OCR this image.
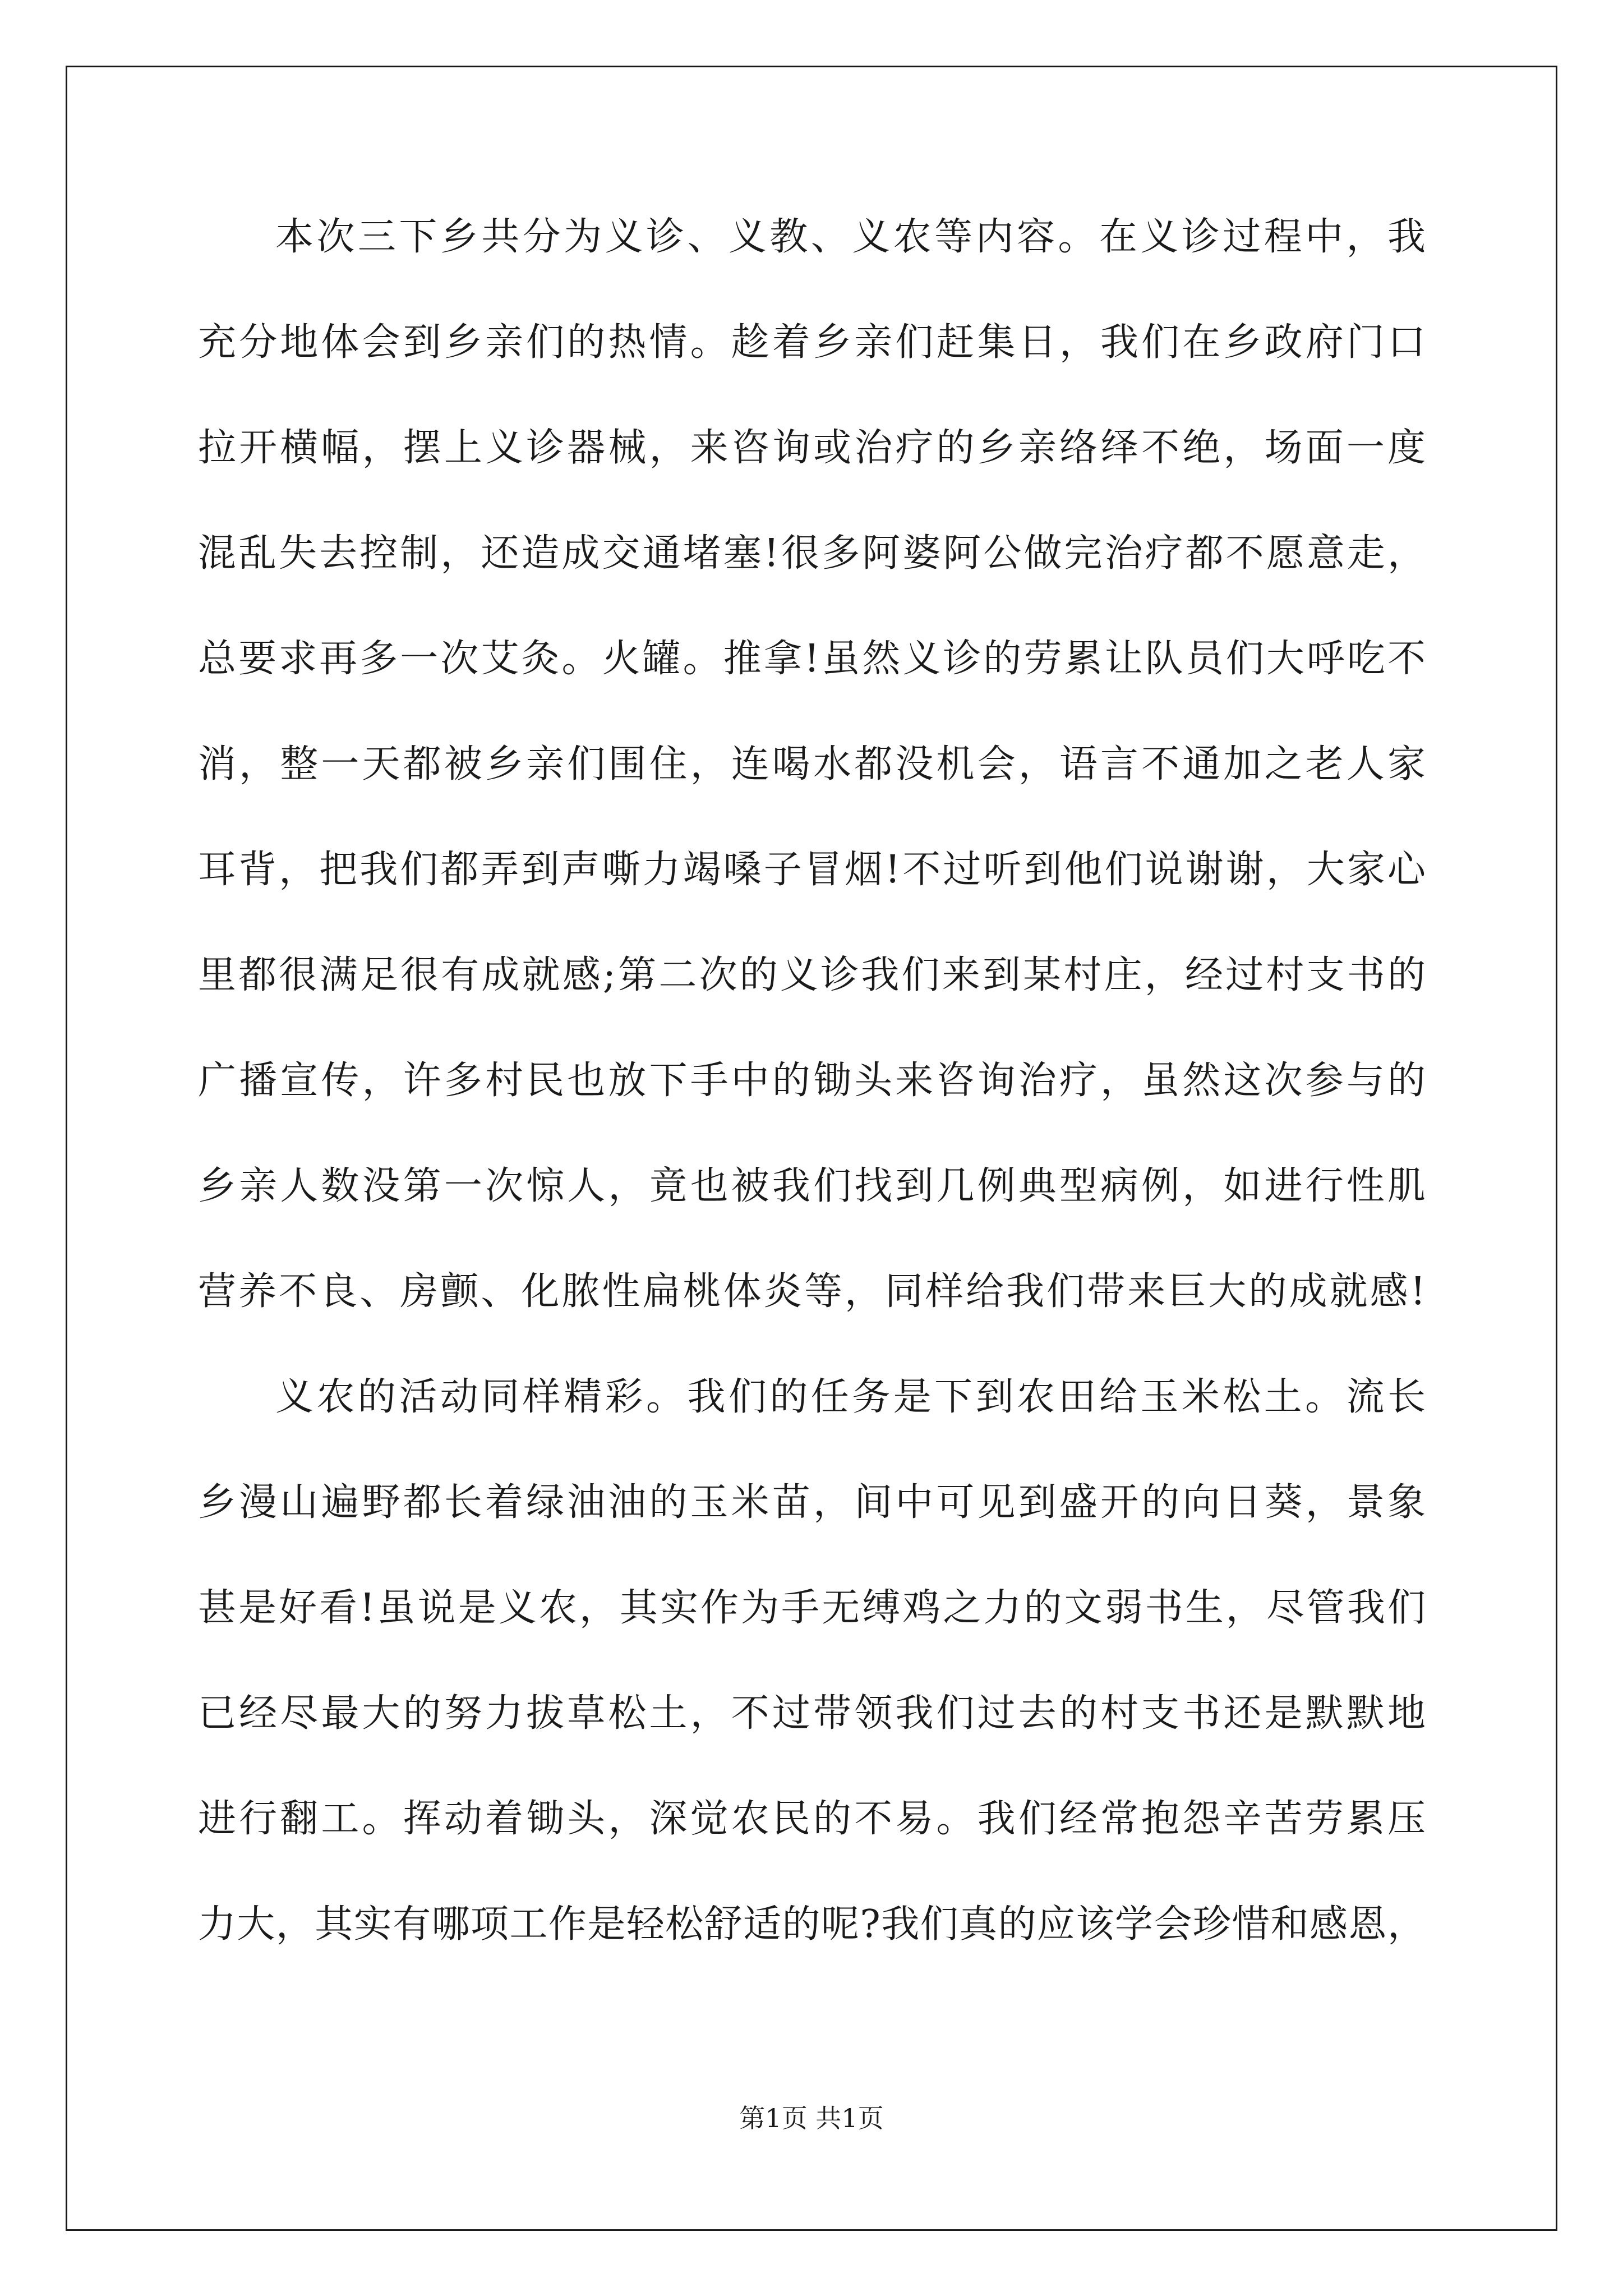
本次三下乡共分为义诊、义教、义农等内容。在义诊过程中，我
充分地体会到乡亲们的热情。趁着乡亲们赶集日，我们在乡政府门口
拉开横幅，摆上义诊器械，来咨询或治疗的乡亲络绎不绝，场面一度
混乱失去控制，还造成交通堵塞!很多阿婆阿公做完治疗都不愿意走，
总要求再多一次艾灸。火罐。推拿!虽然义诊的劳累让队员们大呼吃不
消，整一天都被乡亲们围住，连喝水都没机会，语言不通加之老人家
耳背，把我们都弄到声嘶力竭嗓子冒烟!不过听到他们说谢谢，大家心
里都很满足很有成就感;第二次的义诊我们来到某村庄，经过村支书的
广播宣传，许多村民也放下手中的锄头来咨询治疗，虽然这次参与的
乡亲人数没第一次惊人，竟也被我们找到几例典型病例，如进行性肌
营养不良、房颤、化脓性扁桃体炎等，同样给我们带来巨大的成就感!
义农的活动同样精彩。我们的任务是下到农田给玉米松土。流长
乡漫山遍野都长着绿油油的玉米苗，间中可见到盛开的向日葵，景象
甚是好看!虽说是义农，其实作为手无缚鸡之力的文弱书生，尽管我们
已经尽最大的努力拔草松土，不过带领我们过去的村支书还是默默地
进行翻工。挥动着锄头，深觉农民的不易。我们经常抱怨辛苦劳累压
力大，其实有哪项工作是轻松舒适的呢?我们真的应该学会珍惜和感恩，
第1页 共1页
